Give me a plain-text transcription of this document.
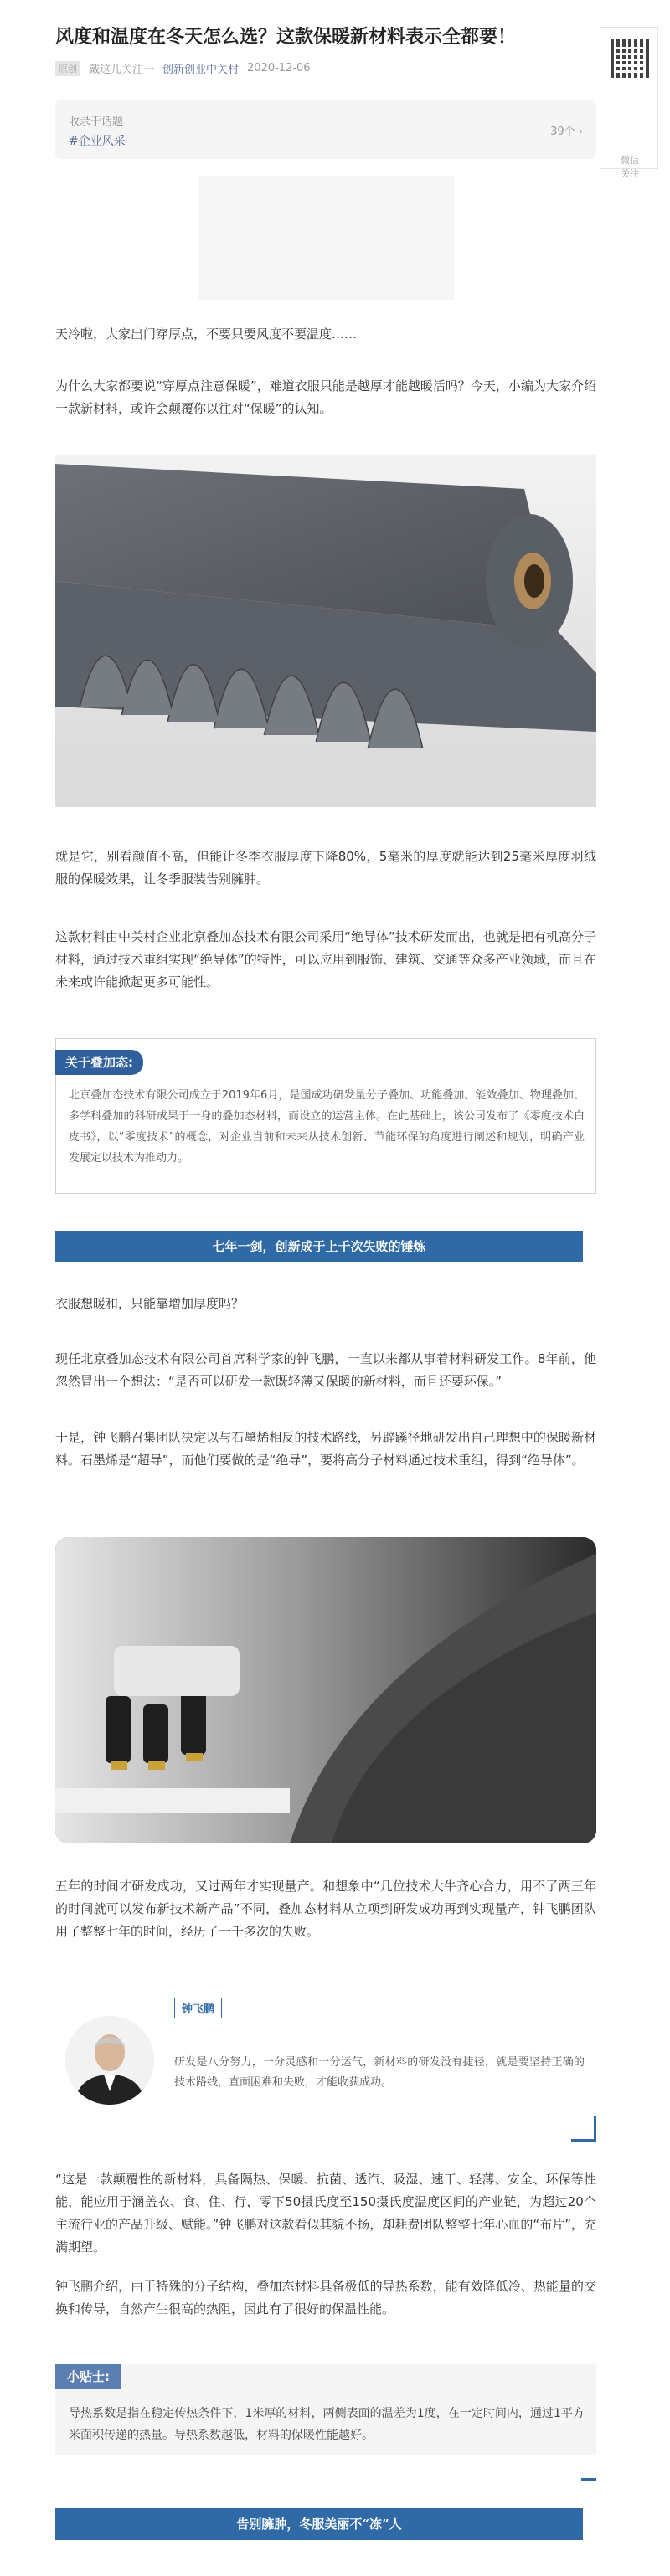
风度和温度在冬天怎么选？这款保暖新材料表示全都要！
原创	戴这儿关注一 创新创业中关村 2020-12-06
微信
关注
收录于话题
#企业风采
39个 ›

天冷啦，大家出门穿厚点，不要只要风度不要温度……

为什么大家都要说“穿厚点注意保暖”，难道衣服只能是越厚才能越暖活吗？今天，小编为大家介绍一款新材料，或许会颠覆你以往对“保暖”的认知。

就是它，别看颜值不高，但能让冬季衣服厚度下降80%，5毫米的厚度就能达到25毫米厚度羽绒服的保暖效果，让冬季服装告别臃肿。

这款材料由中关村企业北京叠加态技术有限公司采用“绝导体”技术研发而出，也就是把有机高分子材料，通过技术重组实现“绝导体”的特性，可以应用到服饰、建筑、交通等众多产业领域，而且在未来或许能掀起更多可能性。

关于叠加态:
北京叠加态技术有限公司成立于2019年6月，是国成功研发量分子叠加、功能叠加、能效叠加、物理叠加、多学科叠加的科研成果于一身的叠加态材料，而设立的运营主体。在此基础上，该公司发布了《零度技术白皮书》，以“零度技术”的概念，对企业当前和未来从技术创新、节能环保的角度进行阐述和规划，明确产业发展定以技术为推动力。
七年一剑，创新成于上千次失败的锤炼

衣服想暖和，只能靠增加厚度吗？

现任北京叠加态技术有限公司首席科学家的钟飞鹏，一直以来都从事着材料研发工作。8年前，他忽然冒出一个想法：“是否可以研发一款既轻薄又保暖的新材料，而且还要环保。”

于是，钟飞鹏召集团队决定以与石墨烯相反的技术路线，另辟蹊径地研发出自己理想中的保暖新材料。石墨烯是“超导”，而他们要做的是“绝导”，要将高分子材料通过技术重组，得到“绝导体”。

五年的时间才研发成功，又过两年才实现量产。和想象中“几位技术大牛齐心合力，用不了两三年的时间就可以发布新技术新产品”不同，叠加态材料从立项到研发成功再到实现量产，钟飞鹏团队用了整整七年的时间，经历了一千多次的失败。

钟飞鹏
研发是八分努力，一分灵感和一分运气，新材料的研发没有捷径，就是要坚持正确的技术路线，直面困难和失败，才能收获成功。

“这是一款颠覆性的新材料，具备隔热、保暖、抗菌、透汽、吸湿、速干、轻薄、安全、环保等性能，能应用于涵盖衣、食、住、行，零下50摄氏度至150摄氏度温度区间的产业链，为超过20个主流行业的产品升级、赋能。”钟飞鹏对这款看似其貌不扬，却耗费团队整整七年心血的“布片”，充满期望。

钟飞鹏介绍，由于特殊的分子结构，叠加态材料具备极低的导热系数，能有效降低冷、热能量的交换和传导，自然产生很高的热阻，因此有了很好的保温性能。

小贴士:
导热系数是指在稳定传热条件下，1米厚的材料，两侧表面的温差为1度，在一定时间内，通过1平方米面积传递的热量。导热系数越低，材料的保暖性能越好。
告别臃肿，冬服美丽不“冻”人
